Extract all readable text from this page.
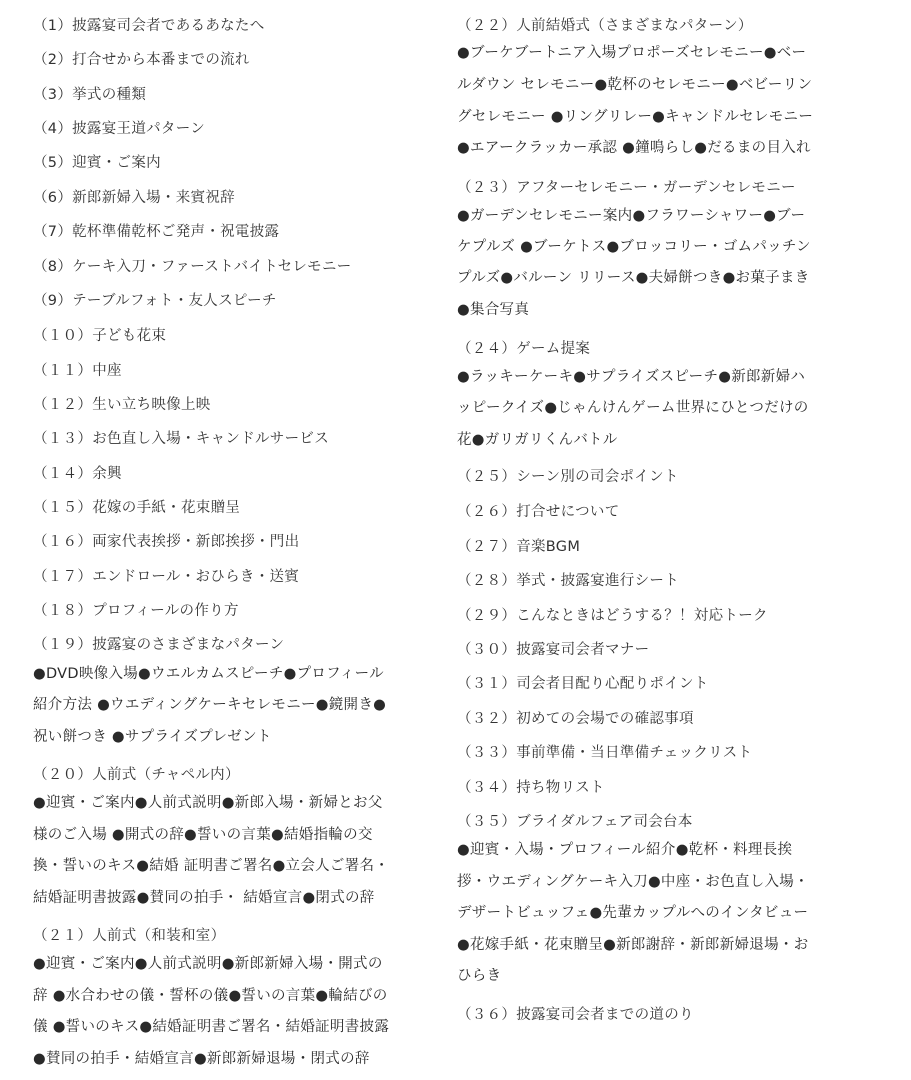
（1）披露宴司会者であるあなたへ
（2）打合せから本番までの流れ
（3）挙式の種類
（4）披露宴王道パターン
（5）迎賓・ご案内
（6）新郎新婦入場・来賓祝辞
（7）乾杯準備乾杯ご発声・祝電披露
（8）ケーキ入刀・ファーストバイトセレモニー
（9）テーブルフォト・友人スピーチ
（１０）子ども花束
（１１）中座
（１２）生い立ち映像上映
（１３）お色直し入場・キャンドルサービス
（１４）余興
（１５）花嫁の手紙・花束贈呈
（１６）両家代表挨拶・新郎挨拶・門出
（１７）エンドロール・おひらき・送賓
（１８）プロフィールの作り方
（１９）披露宴のさまざまなパターン
（２０）人前式（チャペル内）
（２１）人前式（和装和室）
●DVD映像入場●ウエルカムスピーチ●プロフィール
紹介方法 ●ウエディングケーキセレモニー●鏡開き●
祝い餅つき ●サプライズプレゼント
●迎賓・ご案内●人前式説明●新郎入場・新婦とお父
様のご入場 ●開式の辞●誓いの言葉●結婚指輪の交
換・誓いのキス●結婚 証明書ご署名●立会人ご署名・
結婚証明書披露●賛同の拍手・ 結婚宣言●閉式の辞
●迎賓・ご案内●人前式説明●新郎新婦入場・開式の
辞 ●水合わせの儀・誓杯の儀●誓いの言葉●輪結びの
儀 ●誓いのキス●結婚証明書ご署名・結婚証明書披露
●賛同の拍手・結婚宣言●新郎新婦退場・閉式の辞
（２２）人前結婚式（さまざまなパターン）
（２３）アフターセレモニー・ガーデンセレモニー
（２４）ゲーム提案
（２５）シーン別の司会ポイント
（２６）打合せについて
（２７）音楽BGM
（２８）挙式・披露宴進行シート
（２９）こんなときはどうする？！対応トーク
（３０）披露宴司会者マナー
（３１）司会者目配り心配りポイント
（３２）初めての会場での確認事項
（３３）事前準備・当日準備チェックリスト
（３４）持ち物リスト
（３５）ブライダルフェア司会台本
（３６）披露宴司会者までの道のり
●ブーケブートニア入場プロポーズセレモニー●ベー
ルダウン セレモニー●乾杯のセレモニー●ベビーリン
グセレモニー ●リングリレー●キャンドルセレモニー
●エアークラッカー承認 ●鐘鳴らし●だるまの目入れ
●ガーデンセレモニー案内●フラワーシャワー●ブー
ケプルズ ●ブーケトス●ブロッコリー・ゴムパッチン
プルズ●バルーン リリース●夫婦餅つき●お菓子まき
●集合写真
●ラッキーケーキ●サプライズスピーチ●新郎新婦ハ
ッピークイズ●じゃんけんゲーム世界にひとつだけの
花●ガリガリくんバトル
●迎賓・入場・プロフィール紹介●乾杯・料理長挨
拶・ウエディングケーキ入刀●中座・お色直し入場・
デザートビュッフェ●先輩カップルへのインタビュー
●花嫁手紙・花束贈呈●新郎謝辞・新郎新婦退場・お
ひらき
